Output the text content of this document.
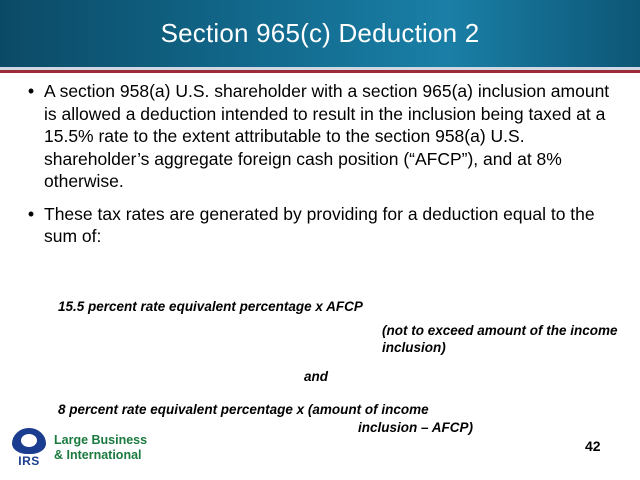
Section 965(c) Deduction 2
• A section 958(a) U.S. shareholder with a section 965(a) inclusion amount is allowed a deduction intended to result in the inclusion being taxed at a 15.5% rate to the extent attributable to the section 958(a) U.S. shareholder’s aggregate foreign cash position (“AFCP”), and at 8% otherwise.
• These tax rates are generated by providing for a deduction equal to the sum of:
15.5 percent rate equivalent percentage x AFCP
(not to exceed amount of the income inclusion)
and
8 percent rate equivalent percentage x (amount of income
inclusion – AFCP)
IRS
Large Business
& International
42
